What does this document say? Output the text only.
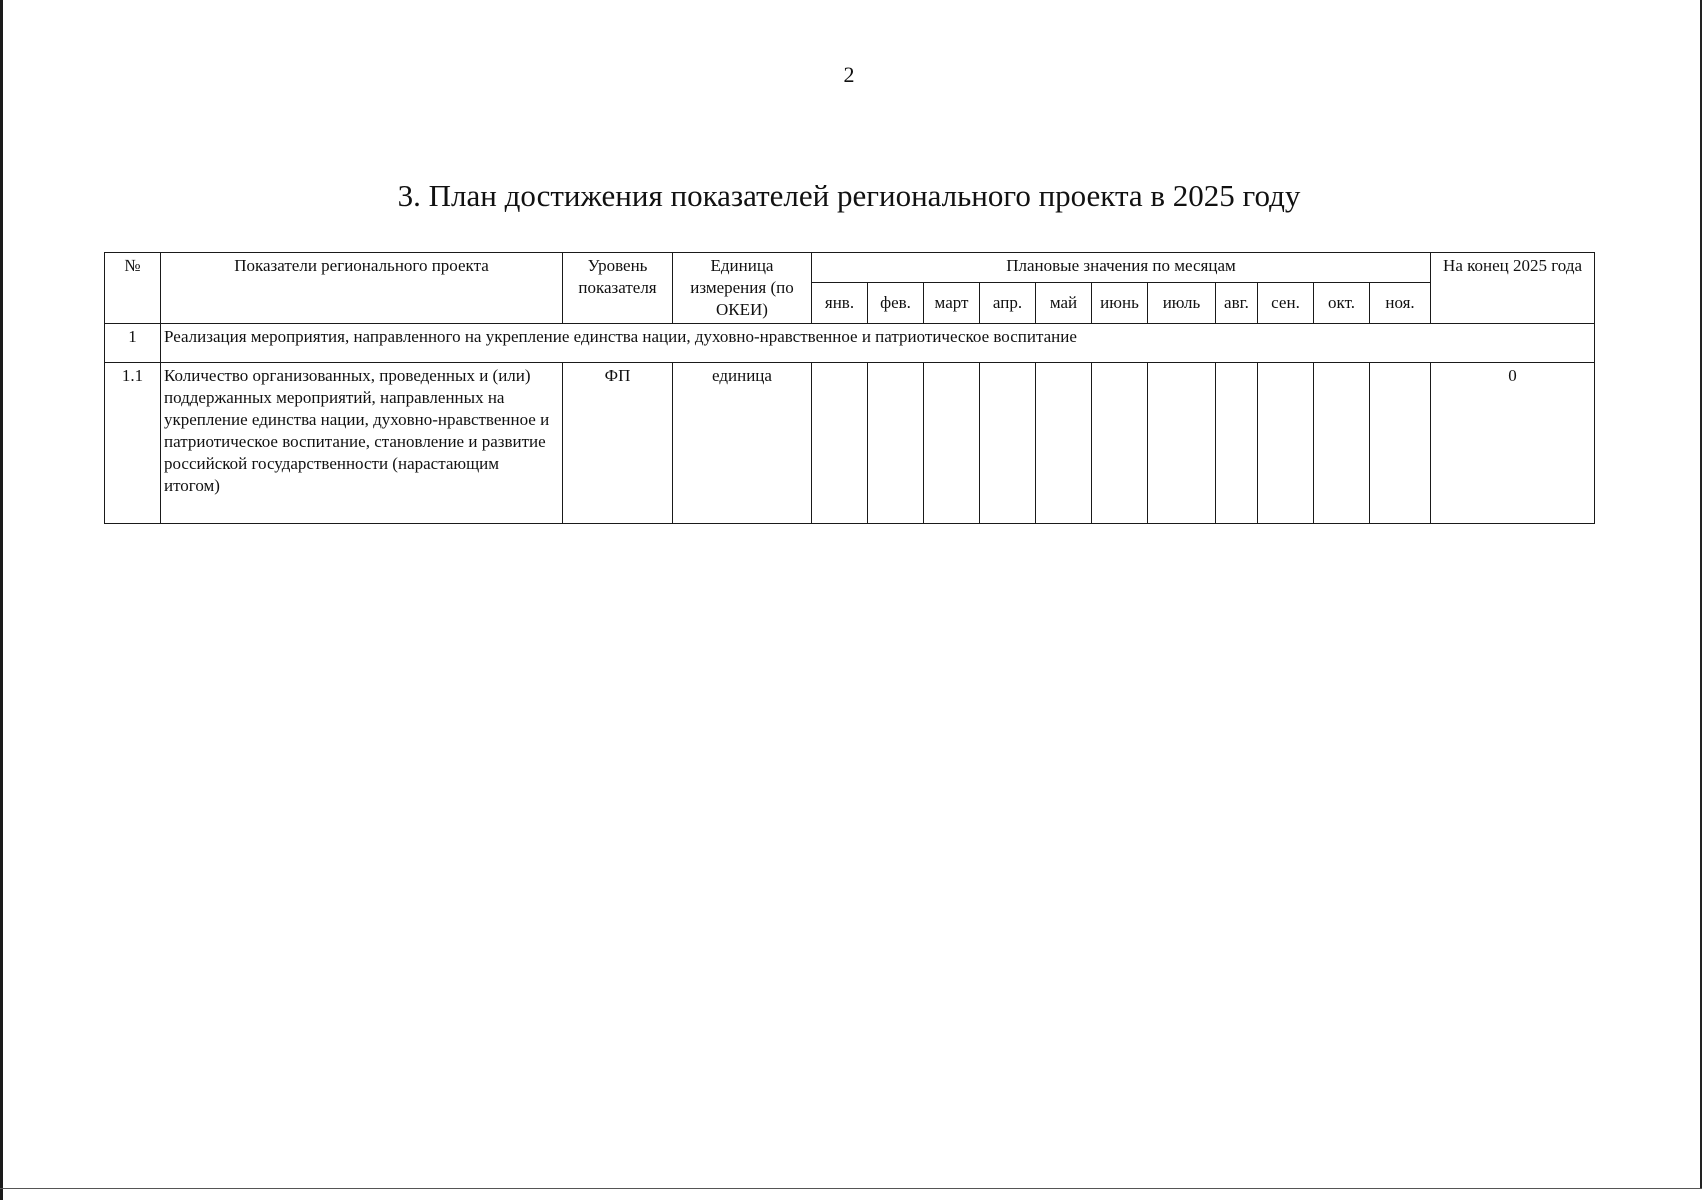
2
3. План достижения показателей регионального проекта в 2025 году
№	Показатели регионального проекта	Уровень показателя	Единица измерения (по ОКЕИ)	Плановые значения по месяцам											На конец 2025 года
				янв.	фев.	март	апр.	май	июнь	июль	авг.	сен.	окт.	ноя.	
1	Реализация мероприятия, направленного на укрепление единства нации, духовно-нравственное и патриотическое воспитание														
1.1	Количество организованных, проведенных и (или) поддержанных мероприятий, направленных на укрепление единства нации, духовно-нравственное и патриотическое воспитание, становление и развитие российской государственности (нарастающим итогом)	ФП	единица												0
